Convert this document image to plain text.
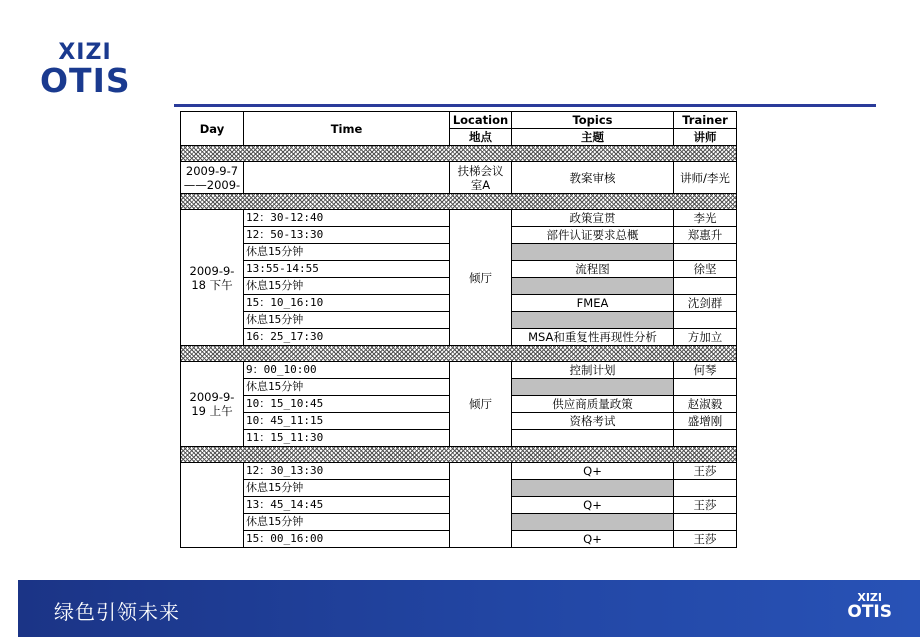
XIZI
OTIS
Day	Time	Location	Topics	Trainer
		地点	主题	讲师

2009-9-7 ——2009-		扶梯会议室A	教案审核	讲师/李光

2009-9-18 下午	12：30-12:40	倾厅	政策宣贯	李光
	12：50-13:30		部件认证要求总概	郑惠升
	休息15分钟			
	13:55-14:55		流程图	徐坚
	休息15分钟			
	15：10_16:10		FMEA	沈剑群
	休息15分钟			
	16：25_17:30		MSA和重复性再现性分析	方加立

2009-9-19 上午	9：00_10:00	倾厅	控制计划	何琴
	休息15分钟			
	10：15_10:45		供应商质量政策	赵淑毅
	10：45_11:15		资格考试	盛增刚
	11：15_11:30			

	12：30_13:30		Q+	王莎
	休息15分钟			
	13：45_14:45		Q+	王莎
	休息15分钟			
	15：00_16:00		Q+	王莎
绿色引领未来
XIZI
OTIS
